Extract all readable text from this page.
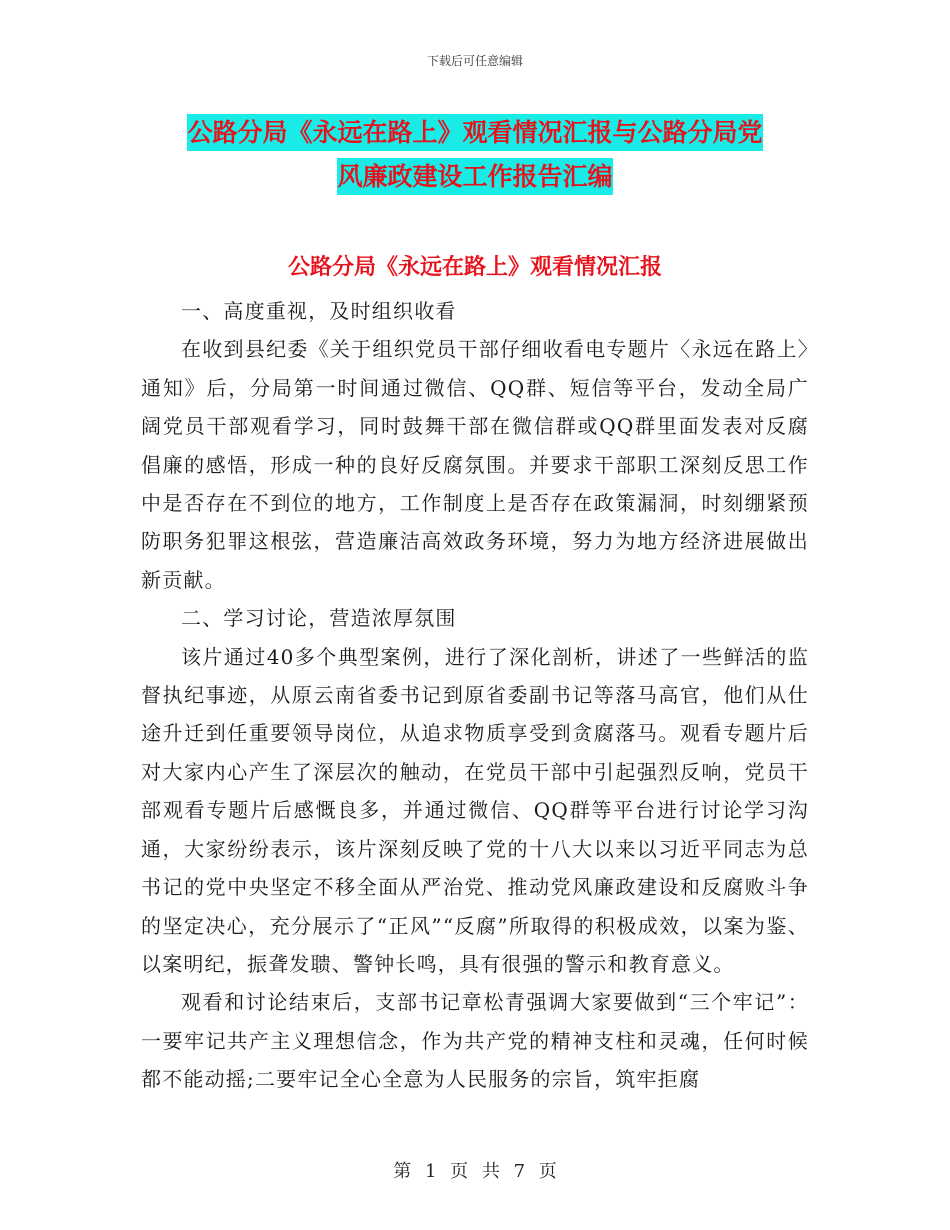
下载后可任意编辑
公路分局《永远在路上》观看情况汇报与公路分局党
风廉政建设工作报告汇编
公路分局《永远在路上》观看情况汇报

一、高度重视，及时组织收看

在收到县纪委《关于组织党员干部仔细收看电专题片〈永远在路上〉通知》后，分局第一时间通过微信、QQ群、短信等平台，发动全局广阔党员干部观看学习，同时鼓舞干部在微信群或QQ群里面发表对反腐倡廉的感悟，形成一种的良好反腐氛围。并要求干部职工深刻反思工作中是否存在不到位的地方，工作制度上是否存在政策漏洞，时刻绷紧预防职务犯罪这根弦，营造廉洁高效政务环境，努力为地方经济进展做出新贡献。

二、学习讨论，营造浓厚氛围

该片通过40多个典型案例，进行了深化剖析，讲述了一些鲜活的监督执纪事迹，从原云南省委书记到原省委副书记等落马高官，他们从仕途升迁到任重要领导岗位，从追求物质享受到贪腐落马。观看专题片后对大家内心产生了深层次的触动，在党员干部中引起强烈反响，党员干部观看专题片后感慨良多，并通过微信、QQ群等平台进行讨论学习沟通，大家纷纷表示，该片深刻反映了党的十八大以来以习近平同志为总书记的党中央坚定不移全面从严治党、推动党风廉政建设和反腐败斗争的坚定决心，充分展示了“正风”“反腐”所取得的积极成效，以案为鉴、以案明纪，振聋发聩、警钟长鸣，具有很强的警示和教育意义。

观看和讨论结束后，支部书记章松青强调大家要做到“三个牢记”：一要牢记共产主义理想信念，作为共产党的精神支柱和灵魂，任何时候都不能动摇;二要牢记全心全意为人民服务的宗旨，筑牢拒腐

第 1 页 共 7 页
